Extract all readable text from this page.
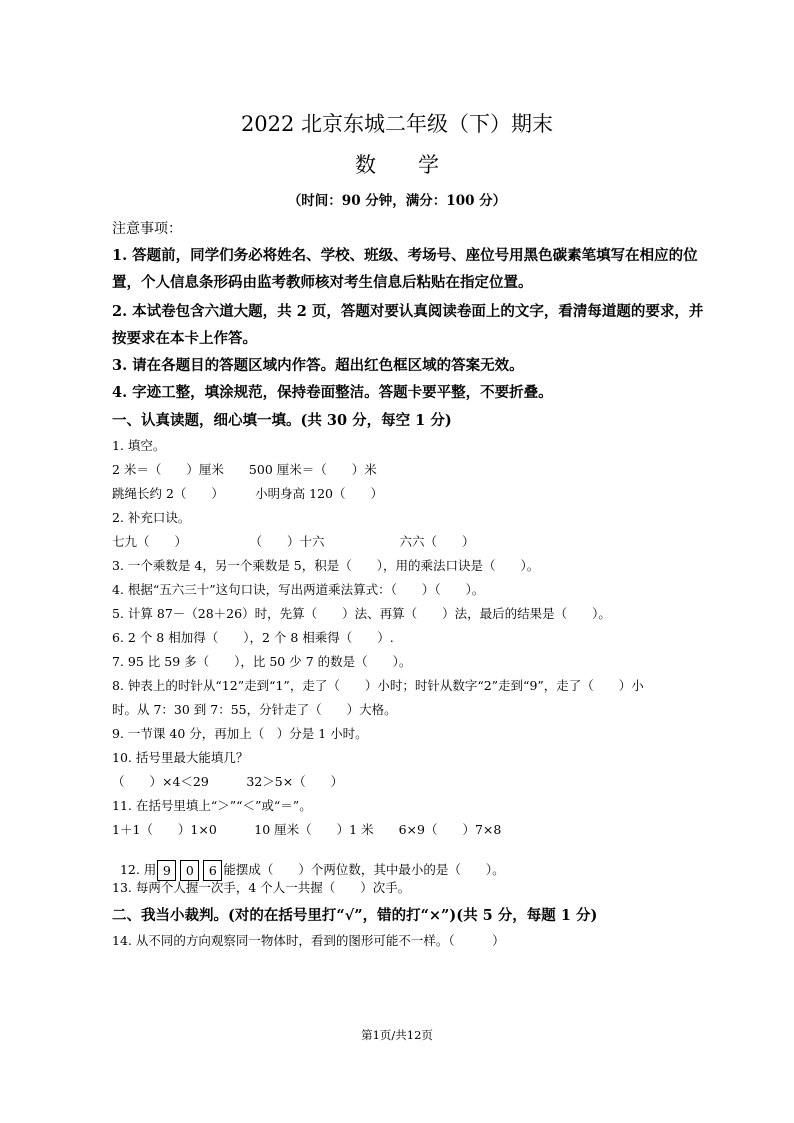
2022 北京东城二年级（下）期末
数　　学
（时间：90 分钟，满分：100 分）
注意事项：
1. 答题前，同学们务必将姓名、学校、班级、考场号、座位号用黑色碳素笔填写在相应的位
置，个人信息条形码由监考教师核对考生信息后粘贴在指定位置。
2. 本试卷包含六道大题，共 2 页，答题对要认真阅读卷面上的文字，看清每道题的要求，并
按要求在本卡上作答。
3. 请在各题目的答题区域内作答。超出红色框区域的答案无效。
4. 字迹工整，填涂规范，保持卷面整洁。答题卡要平整，不要折叠。
一、认真读题，细心填一填。(共 30 分，每空 1 分)
1. 填空。
2 米＝（　　）厘米　　500 厘米＝（　　）米
跳绳长约 2（　　）　　　小明身高 120（　　）
2. 补充口诀。
七九（　　）　　　　　　（　　）十六　　　　　　六六（　　）
3. 一个乘数是 4，另一个乘数是 5，积是（　　），用的乘法口诀是（　　）。
4. 根据“五六三十”这句口诀，写出两道乘法算式：（　　）（　　）。
5. 计算 87－（28＋26）时，先算（　　）法、再算（　　）法，最后的结果是（　　）。
6. 2 个 8 相加得（　　），2 个 8 相乘得（　　）.
7. 95 比 59 多（　　），比 50 少 7 的数是（　　）。
8. 钟表上的时针从“12”走到“1”，走了（　　）小时；时针从数字“2”走到“9”，走了（　　）小
时。从 7：30 到 7：55，分针走了（　　）大格。
9. 一节课 40 分，再加上（　）分是 1 小时。
10. 括号里最大能填几？
（　　）×4＜29　　　32＞5×（　　）
11. 在括号里填上“＞”“＜”或“＝”。
1＋1（　　）1×0　　　10 厘米（　　）1 米　　6×9（　　）7×8

12. 用 9	0	6 能摆成（　　）个两位数，其中最小的是（　　）。

13. 每两个人握一次手，4 个人一共握（　　）次手。
二、我当小裁判。(对的在括号里打“√”，错的打“×”)(共 5 分，每题 1 分)
14. 从不同的方向观察同一物体时，看到的图形可能不一样。（　　　）
第1页/共12页
